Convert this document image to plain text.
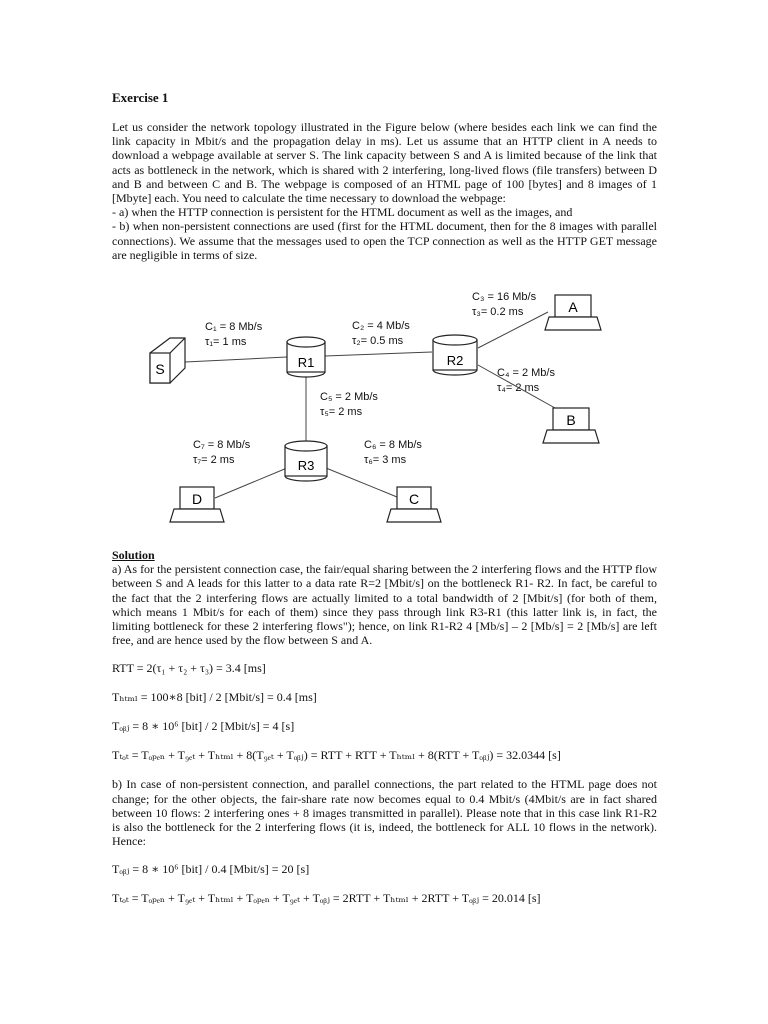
Exercise 1

Let us consider the network topology illustrated in the Figure below (where besides each link we can find the link capacity in Mbit/s and the propagation delay in ms). Let us assume that an HTTP client in A needs to download a webpage available at server S. The link capacity between S and A is limited because of the link that acts as bottleneck in the network, which is shared with 2 interfering, long-lived flows (file transfers) between D and B and between C and B. The webpage is composed of an HTML page of 100 [bytes] and 8 images of 1 [Mbyte] each. You need to calculate the time necessary to download the webpage:

- a) when the HTTP connection is persistent for the HTML document as well as the images, and

- b) when non-persistent connections are used (first for the HTML document, then for the 8 images with parallel connections). We assume that the messages used to open the TCP connection as well as the HTTP GET message are negligible in terms of size.

S	R1	R2
R3
A
B
D	C
C₁ = 8 Mb/s
τ₁= 1 ms
C₂ = 4 Mb/s
τ₂= 0.5 ms
C₃ = 16 Mb/s
τ₃= 0.2 ms
C₄ = 2 Mb/s
τ₄= 2 ms
C₅ = 2 Mb/s
τ₅= 2 ms
C₇ = 8 Mb/s
τ₇= 2 ms
C₆ = 8 Mb/s
τ₆= 3 ms
Solution

a) As for the persistent connection case, the fair/equal sharing between the 2 interfering flows and the HTTP flow between S and A leads for this latter to a data rate R=2 [Mbit/s] on the bottleneck R1- R2. In fact, be careful to the fact that the 2 interfering flows are actually limited to a total bandwidth of 2 [Mbit/s] (for both of them, which means 1 Mbit/s for each of them) since they pass through link R3-R1 (this latter link is, in fact, the limiting bottleneck for these 2 interfering flows"); hence, on link R1-R2 4 [Mb/s] – 2 [Mb/s] = 2 [Mb/s] are left free, and are hence used by the flow between S and A.

RTT = 2(τ₁ + τ₂ + τ₃) = 3.4 [ms]

Tₕₜₘₗ = 100∗8 [bit] / 2 [Mbit/s] = 0.4 [ms]

Tₒᵦⱼ = 8 ∗ 10⁶ [bit] / 2 [Mbit/s] = 4 [s]

Tₜₒₜ = Tₒₚₑₙ + T₉ₑₜ + Tₕₜₘₗ + 8(T₉ₑₜ + Tₒᵦⱼ) = RTT + RTT + Tₕₜₘₗ + 8(RTT + Tₒᵦⱼ) = 32.0344 [s]

b) In case of non-persistent connection, and parallel connections, the part related to the HTML page does not change; for the other objects, the fair-share rate now becomes equal to 0.4 Mbit/s (4Mbit/s are in fact shared between 10 flows: 2 interfering ones + 8 images transmitted in parallel). Please note that in this case link R1-R2 is also the bottleneck for the 2 interfering flows (it is, indeed, the bottleneck for ALL 10 flows in the network). Hence:

Tₒᵦⱼ = 8 ∗ 10⁶ [bit] / 0.4 [Mbit/s] = 20 [s]

Tₜₒₜ = Tₒₚₑₙ + T₉ₑₜ + Tₕₜₘₗ + Tₒₚₑₙ + T₉ₑₜ + Tₒᵦⱼ = 2RTT + Tₕₜₘₗ + 2RTT + Tₒᵦⱼ = 20.014 [s]
